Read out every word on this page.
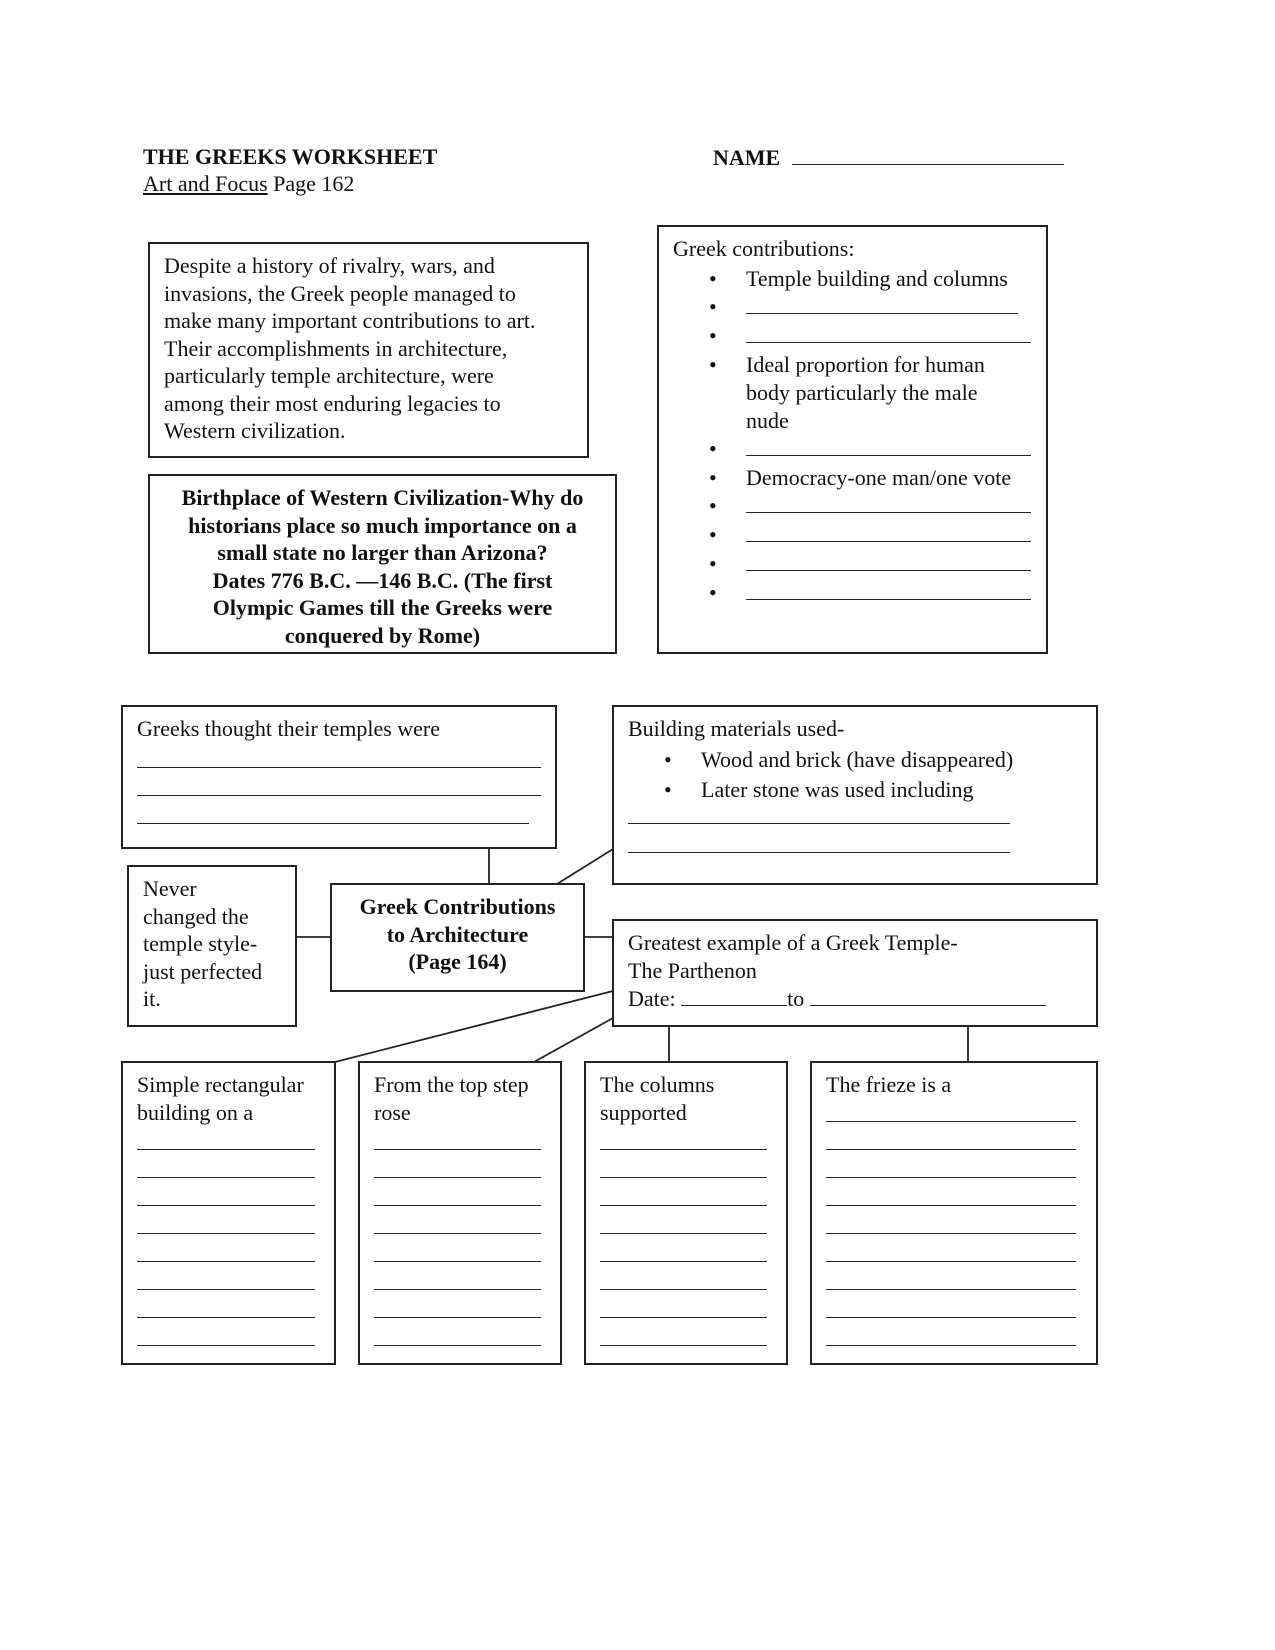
THE GREEKS WORKSHEET	NAME
Art and Focus Page 162
Despite a history of rivalry, wars, and
invasions, the Greek people managed to
make many important contributions to art.
Their accomplishments in architecture,
particularly temple architecture, were
among their most enduring legacies to
Western civilization.
Birthplace of Western Civilization-Why do
historians place so much importance on a
small state no larger than Arizona?
Dates 776 B.C. —146 B.C. (The first
Olympic Games till the Greeks were
conquered by Rome)
Greek contributions:
• Temple building and columns
•
•
• Ideal proportion for human
body particularly the male
nude
•
• Democracy-one man/one vote
•
•
•
•
Greeks thought their temples were	Building materials used-
• Wood and brick (have disappeared)
• Later stone was used including
Never
changed the
temple style-
just perfected
it.
Greek Contributions
to Architecture
(Page 164)
Greatest example of a Greek Temple-
The Parthenon
Date:	to
Simple rectangular
building on a
From the top step
rose
The columns
supported
The frieze is a
